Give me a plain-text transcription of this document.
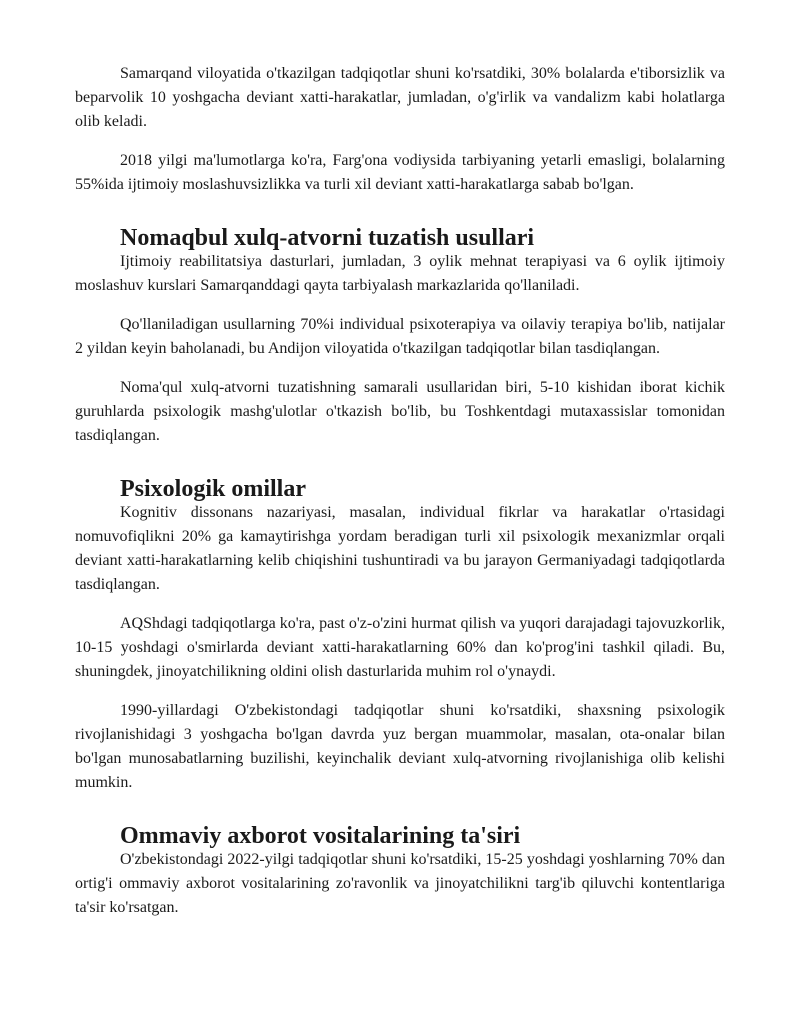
Samarqand viloyatida o'tkazilgan tadqiqotlar shuni ko'rsatdiki, 30% bolalarda e'tiborsizlik va beparvolik 10 yoshgacha deviant xatti-harakatlar, jumladan, o'g'irlik va vandalizm kabi holatlarga olib keladi.

2018 yilgi ma'lumotlarga ko'ra, Farg'ona vodiysida tarbiyaning yetarli emasligi, bolalarning 55%ida ijtimoiy moslashuvsizlikka va turli xil deviant xatti-harakatlarga sabab bo'lgan.

Nomaqbul xulq-atvorni tuzatish usullari

Ijtimoiy reabilitatsiya dasturlari, jumladan, 3 oylik mehnat terapiyasi va 6 oylik ijtimoiy moslashuv kurslari Samarqanddagi qayta tarbiyalash markazlarida qo'llaniladi.

Qo'llaniladigan usullarning 70%i individual psixoterapiya va oilaviy terapiya bo'lib, natijalar 2 yildan keyin baholanadi, bu Andijon viloyatida o'tkazilgan tadqiqotlar bilan tasdiqlangan.

Noma'qul xulq-atvorni tuzatishning samarali usullaridan biri, 5-10 kishidan iborat kichik guruhlarda psixologik mashg'ulotlar o'tkazish bo'lib, bu Toshkentdagi mutaxassislar tomonidan tasdiqlangan.

Psixologik omillar

Kognitiv dissonans nazariyasi, masalan, individual fikrlar va harakatlar o'rtasidagi nomuvofiqlikni 20% ga kamaytirishga yordam beradigan turli xil psixologik mexanizmlar orqali deviant xatti-harakatlarning kelib chiqishini tushuntiradi va bu jarayon Germaniyadagi tadqiqotlarda tasdiqlangan.

AQShdagi tadqiqotlarga ko'ra, past o'z-o'zini hurmat qilish va yuqori darajadagi tajovuzkorlik, 10-15 yoshdagi o'smirlarda deviant xatti-harakatlarning 60% dan ko'prog'ini tashkil qiladi. Bu, shuningdek, jinoyatchilikning oldini olish dasturlarida muhim rol o'ynaydi.

1990-yillardagi O'zbekistondagi tadqiqotlar shuni ko'rsatdiki, shaxsning psixologik rivojlanishidagi 3 yoshgacha bo'lgan davrda yuz bergan muammolar, masalan, ota-onalar bilan bo'lgan munosabatlarning buzilishi, keyinchalik deviant xulq-atvorning rivojlanishiga olib kelishi mumkin.

Ommaviy axborot vositalarining ta'siri

O'zbekistondagi 2022-yilgi tadqiqotlar shuni ko'rsatdiki, 15-25 yoshdagi yoshlarning 70% dan ortig'i ommaviy axborot vositalarining zo'ravonlik va jinoyatchilikni targ'ib qiluvchi kontentlariga ta'sir ko'rsatgan.
